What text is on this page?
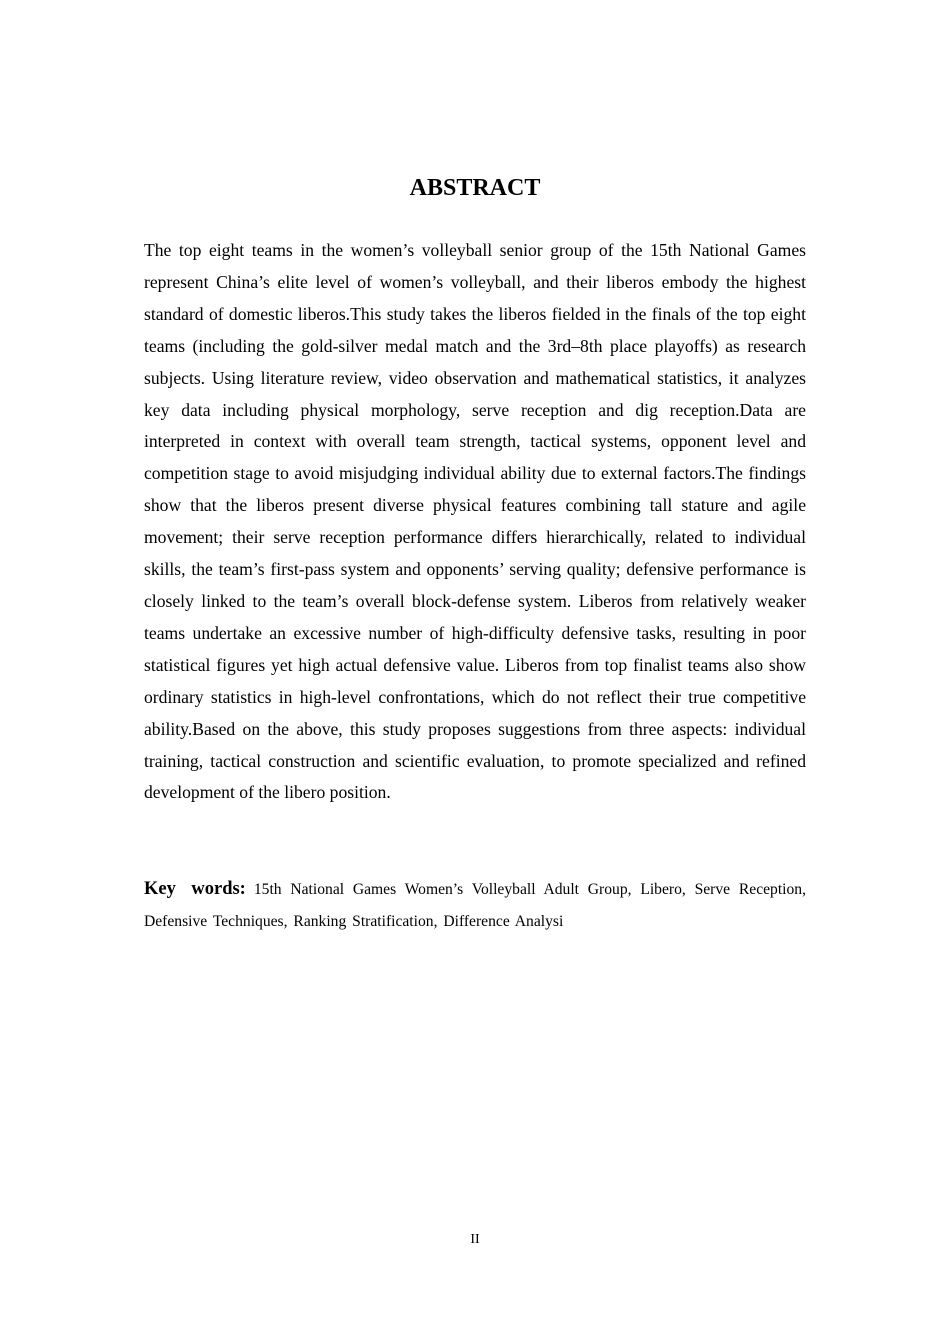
ABSTRACT

The top eight teams in the women’s volleyball senior group of the 15th National Games represent China’s elite level of women’s volleyball, and their liberos embody the highest standard of domestic liberos.This study takes the liberos fielded in the finals of the top eight teams (including the gold-silver medal match and the 3rd–8th place playoffs) as research subjects. Using literature review, video observation and mathematical statistics, it analyzes key data including physical morphology, serve reception and dig reception.Data are interpreted in context with overall team strength, tactical systems, opponent level and competition stage to avoid misjudging individual ability due to external factors.The findings show that the liberos present diverse physical features combining tall stature and agile movement; their serve reception performance differs hierarchically, related to individual skills, the team’s first-pass system and opponents’ serving quality; defensive performance is closely linked to the team’s overall block-defense system. Liberos from relatively weaker teams undertake an excessive number of high-difficulty defensive tasks, resulting in poor statistical figures yet high actual defensive value. Liberos from top finalist teams also show ordinary statistics in high-level confrontations, which do not reflect their true competitive ability.Based on the above, this study proposes suggestions from three aspects: individual training, tactical construction and scientific evaluation, to promote specialized and refined development of the libero position.

Key words: 15th National Games Women’s Volleyball Adult Group, Libero, Serve Reception, Defensive Techniques, Ranking Stratification, Difference Analysi

II
